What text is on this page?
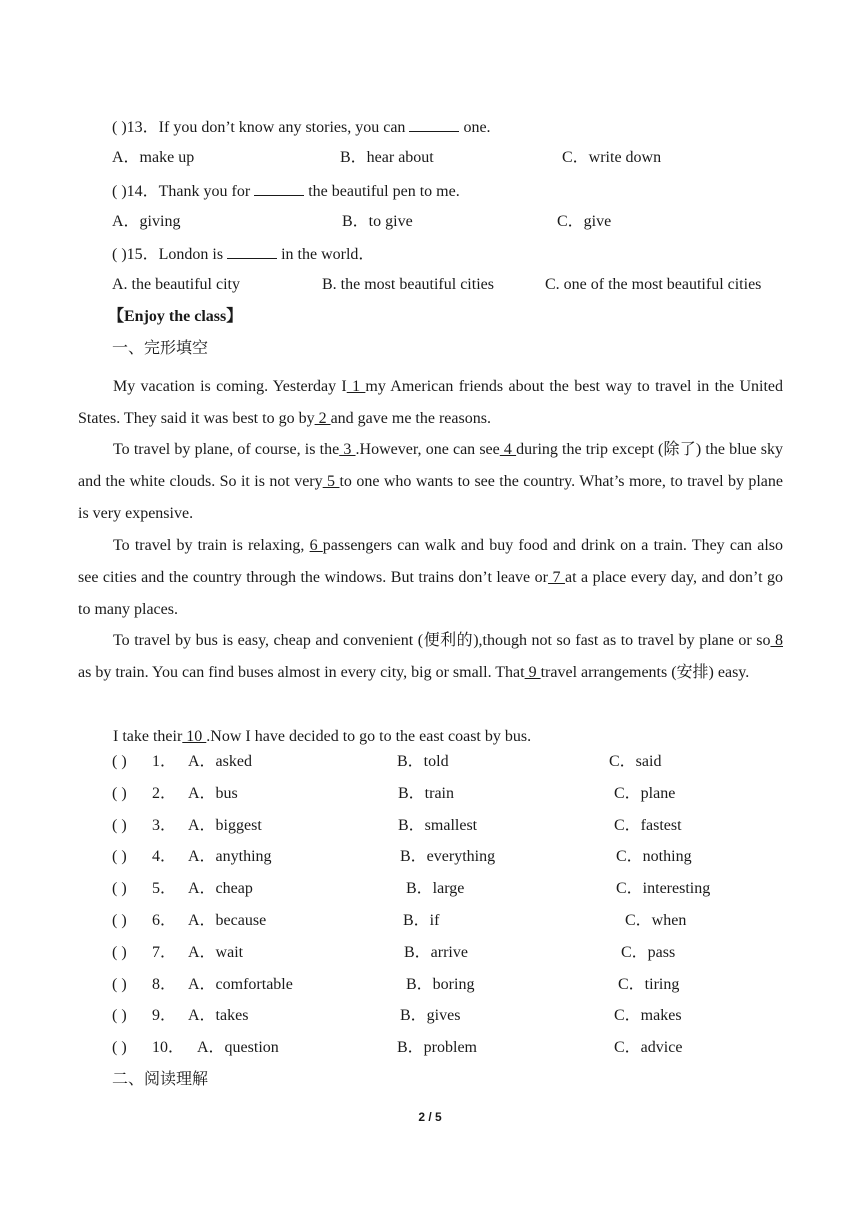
( )13．If you don’t know any stories, you can	one.
A．make up	B．hear about	C．write down
( )14．Thank you for	the beautiful pen to me.
A．giving	B．to give	C．give
( )15．London is	in the world．
A. the beautiful city	B. the most beautiful cities	C. one of the most beautiful cities
【Enjoy the class】
一、完形填空
My vacation is coming. Yesterday I 1 my American friends about the best way to travel in the United States. They said it was best to go by 2 and gave me the reasons.
To travel by plane, of course, is the 3 .However, one can see 4 during the trip except (除了) the blue sky and the white clouds. So it is not very 5 to one who wants to see the country. What’s more, to travel by plane is very expensive.
To travel by train is relaxing, 6 passengers can walk and buy food and drink on a train. They can also see cities and the country through the windows. But trains don’t leave or 7 at a place every day, and don’t go to many places.
To travel by bus is easy, cheap and convenient (便利的),though not so fast as to travel by plane or so 8 as by train. You can find buses almost in every city, big or small. That 9 travel arrangements (安排) easy.
I take their 10 .Now I have decided to go to the east coast by bus.
( ) 1． A．asked	B．told	C．said
( ) 2． A．bus	B．train	C．plane
( ) 3． A．biggest	B．smallest	C．fastest
( ) 4． A．anything	B．everything	C．nothing
( ) 5． A．cheap	B．large	C．interesting
( ) 6． A．because	B．if	C．when
( ) 7． A．wait	B．arrive	C．pass
( ) 8． A．comfortable	B．boring	C．tiring
( ) 9． A．takes	B．gives	C．makes
( ) 10． A．question	B．problem	C．advice
二、阅读理解
2 / 5
